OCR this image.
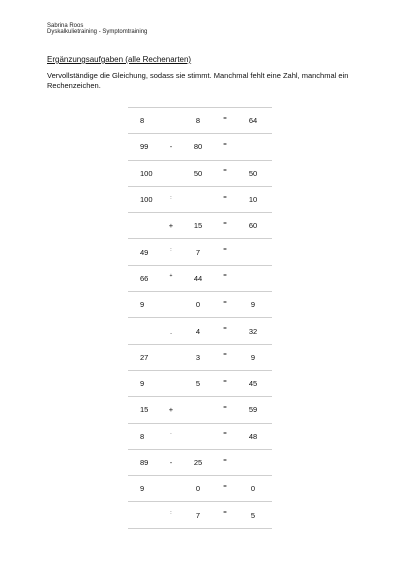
Sabrina Roos
Dyskalkulietraining - Symptomtraining
Ergänzungsaufgaben (alle Rechenarten)
Vervollständige die Gleichung, sodass sie stimmt. Manchmal fehlt eine Zahl, manchmal ein Rechenzeichen.
8		8	=	64
99	-	80	=	
100		50	=	50
100	:		=	10
	+	15	=	60
49	:	7	=	
66	+	44	=	
9		0	=	9
	.	4	=	32
27		3	=	9
9		5	=	45
15	+		=	59
8	·		=	48
89	-	25	=	
9		0	=	0
	:	7	=	5
